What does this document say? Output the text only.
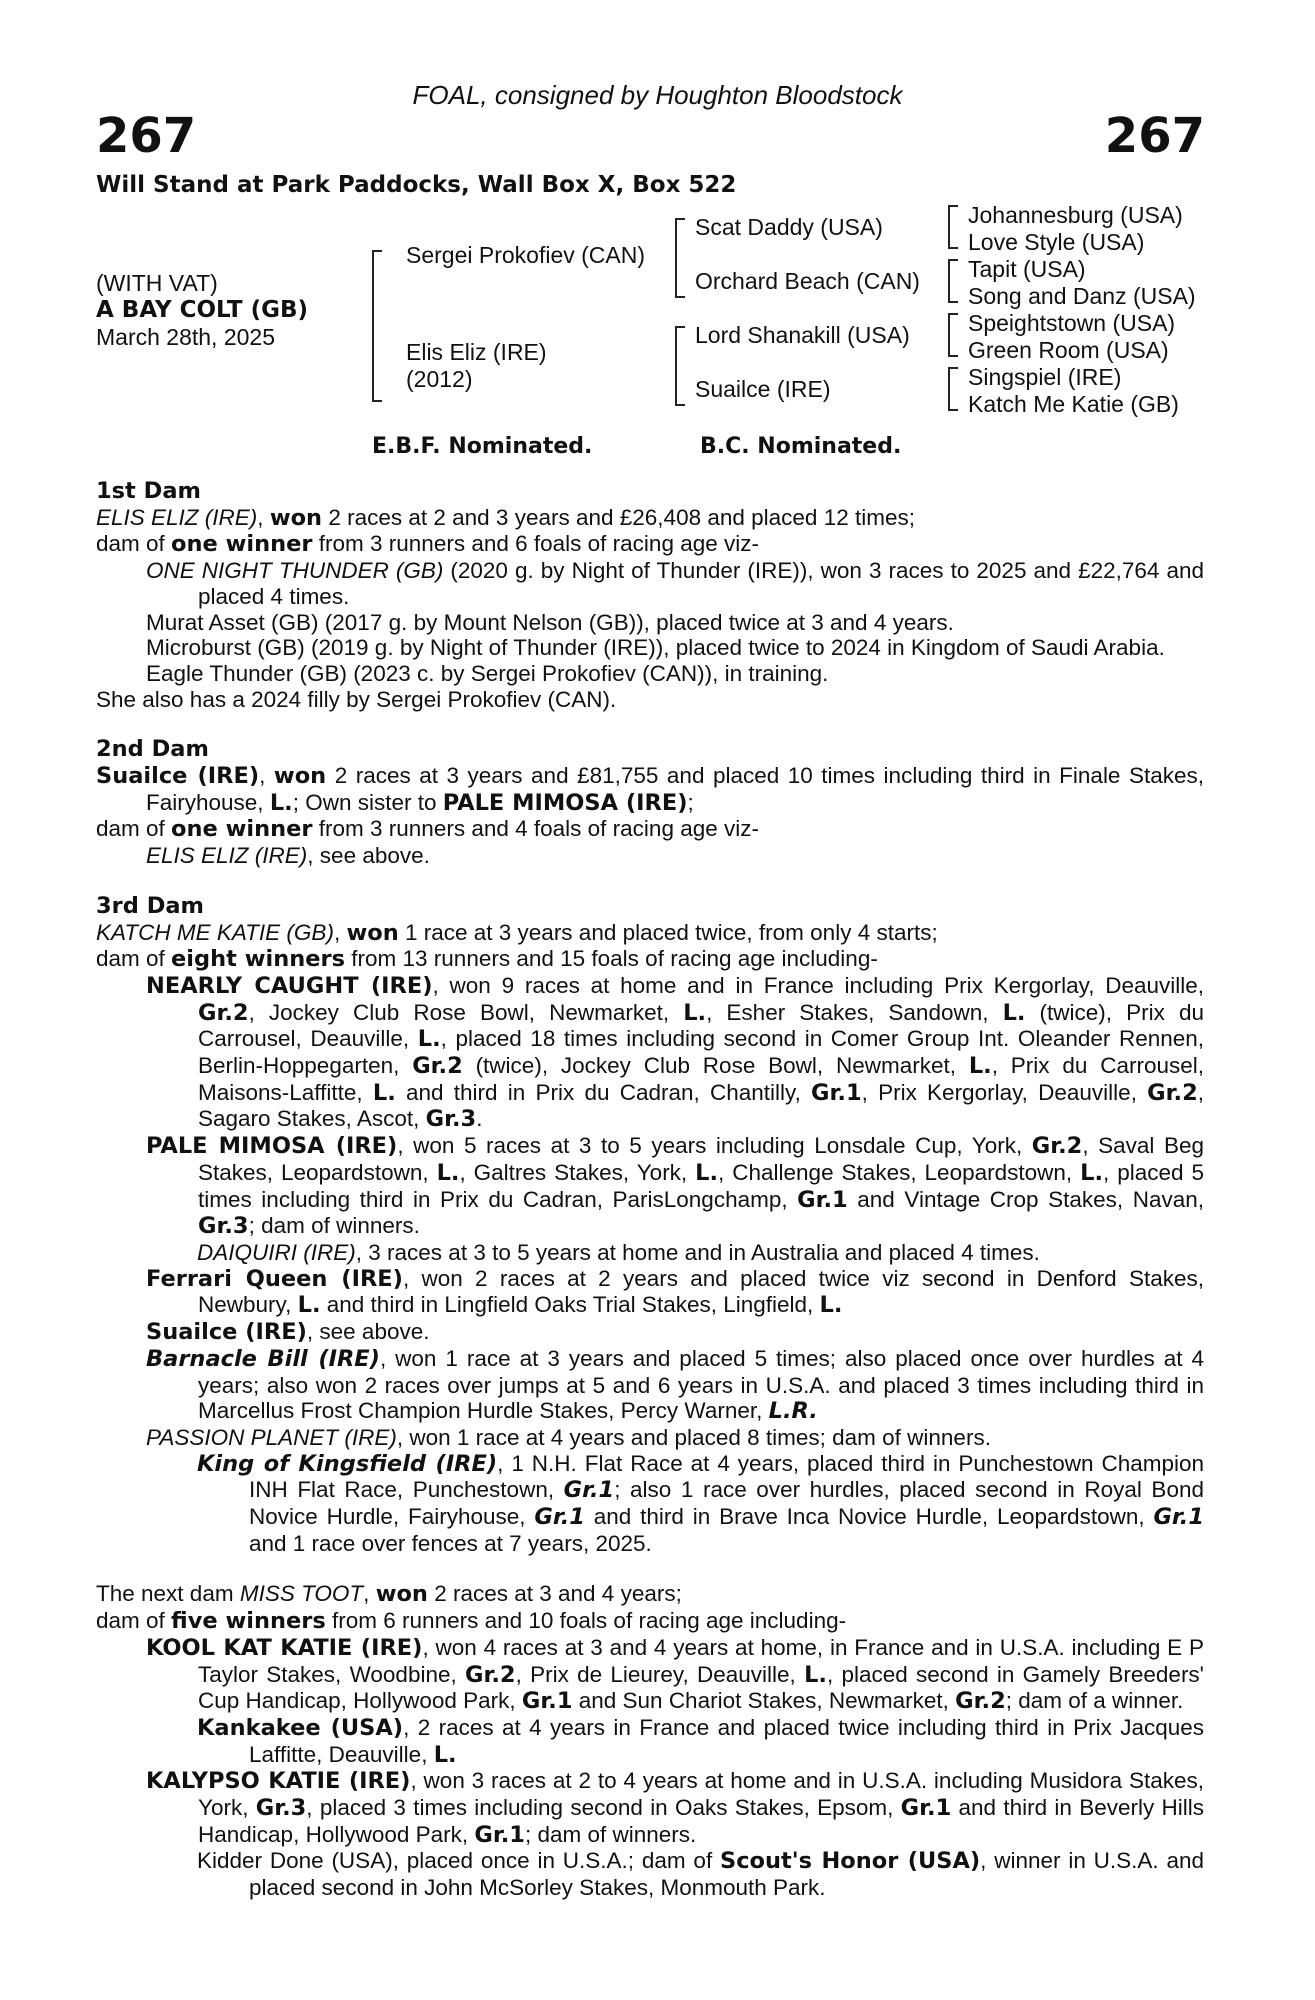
FOAL, consigned by Houghton Bloodstock
267	267
Will Stand at Park Paddocks, Wall Box X, Box 522
(WITH VAT)
A BAY COLT (GB)
March 28th, 2025
Sergei Prokofiev (CAN)
Elis Eliz (IRE)
(2012)
Scat Daddy (USA)
Orchard Beach (CAN)
Lord Shanakill (USA)
Suailce (IRE)
Johannesburg (USA)
Love Style (USA)
Tapit (USA)
Song and Danz (USA)
Speightstown (USA)
Green Room (USA)
Singspiel (IRE)
Katch Me Katie (GB)
E.B.F. Nominated.	B.C. Nominated.

1st Dam

ELIS ELIZ (IRE), won 2 races at 2 and 3 years and £26,408 and placed 12 times;

dam of one winner from 3 runners and 6 foals of racing age viz-

ONE NIGHT THUNDER (GB) (2020 g. by Night of Thunder (IRE)), won 3 races to 2025 and £22,764 and placed 4 times.

Murat Asset (GB) (2017 g. by Mount Nelson (GB)), placed twice at 3 and 4 years.

Microburst (GB) (2019 g. by Night of Thunder (IRE)), placed twice to 2024 in Kingdom of Saudi Arabia.

Eagle Thunder (GB) (2023 c. by Sergei Prokofiev (CAN)), in training.

She also has a 2024 filly by Sergei Prokofiev (CAN).

2nd Dam

Suailce (IRE), won 2 races at 3 years and £81,755 and placed 10 times including third in Finale Stakes, Fairyhouse, L.; Own sister to PALE MIMOSA (IRE);

dam of one winner from 3 runners and 4 foals of racing age viz-

ELIS ELIZ (IRE), see above.

3rd Dam

KATCH ME KATIE (GB), won 1 race at 3 years and placed twice, from only 4 starts;

dam of eight winners from 13 runners and 15 foals of racing age including-

NEARLY CAUGHT (IRE), won 9 races at home and in France including Prix Kergorlay, Deauville, Gr.2, Jockey Club Rose Bowl, Newmarket, L., Esher Stakes, Sandown, L. (twice), Prix du Carrousel, Deauville, L., placed 18 times including second in Comer Group Int. Oleander Rennen, Berlin-Hoppegarten, Gr.2 (twice), Jockey Club Rose Bowl, Newmarket, L., Prix du Carrousel, Maisons-Laffitte, L. and third in Prix du Cadran, Chantilly, Gr.1, Prix Kergorlay, Deauville, Gr.2, Sagaro Stakes, Ascot, Gr.3.

PALE MIMOSA (IRE), won 5 races at 3 to 5 years including Lonsdale Cup, York, Gr.2, Saval Beg Stakes, Leopardstown, L., Galtres Stakes, York, L., Challenge Stakes, Leopardstown, L., placed 5 times including third in Prix du Cadran, ParisLongchamp, Gr.1 and Vintage Crop Stakes, Navan, Gr.3; dam of winners.

DAIQUIRI (IRE), 3 races at 3 to 5 years at home and in Australia and placed 4 times.

Ferrari Queen (IRE), won 2 races at 2 years and placed twice viz second in Denford Stakes, Newbury, L. and third in Lingfield Oaks Trial Stakes, Lingfield, L.

Suailce (IRE), see above.

Barnacle Bill (IRE), won 1 race at 3 years and placed 5 times; also placed once over hurdles at 4 years; also won 2 races over jumps at 5 and 6 years in U.S.A. and placed 3 times including third in Marcellus Frost Champion Hurdle Stakes, Percy Warner, L.R.

PASSION PLANET (IRE), won 1 race at 4 years and placed 8 times; dam of winners.

King of Kingsfield (IRE), 1 N.H. Flat Race at 4 years, placed third in Punchestown Champion INH Flat Race, Punchestown, Gr.1; also 1 race over hurdles, placed second in Royal Bond Novice Hurdle, Fairyhouse, Gr.1 and third in Brave Inca Novice Hurdle, Leopardstown, Gr.1 and 1 race over fences at 7 years, 2025.

The next dam MISS TOOT, won 2 races at 3 and 4 years;

dam of five winners from 6 runners and 10 foals of racing age including-

KOOL KAT KATIE (IRE), won 4 races at 3 and 4 years at home, in France and in U.S.A. including E P Taylor Stakes, Woodbine, Gr.2, Prix de Lieurey, Deauville, L., placed second in Gamely Breeders' Cup Handicap, Hollywood Park, Gr.1 and Sun Chariot Stakes, Newmarket, Gr.2; dam of a winner.

Kankakee (USA), 2 races at 4 years in France and placed twice including third in Prix Jacques Laffitte, Deauville, L.

KALYPSO KATIE (IRE), won 3 races at 2 to 4 years at home and in U.S.A. including Musidora Stakes, York, Gr.3, placed 3 times including second in Oaks Stakes, Epsom, Gr.1 and third in Beverly Hills Handicap, Hollywood Park, Gr.1; dam of winners.

Kidder Done (USA), placed once in U.S.A.; dam of Scout's Honor (USA), winner in U.S.A. and placed second in John McSorley Stakes, Monmouth Park.
